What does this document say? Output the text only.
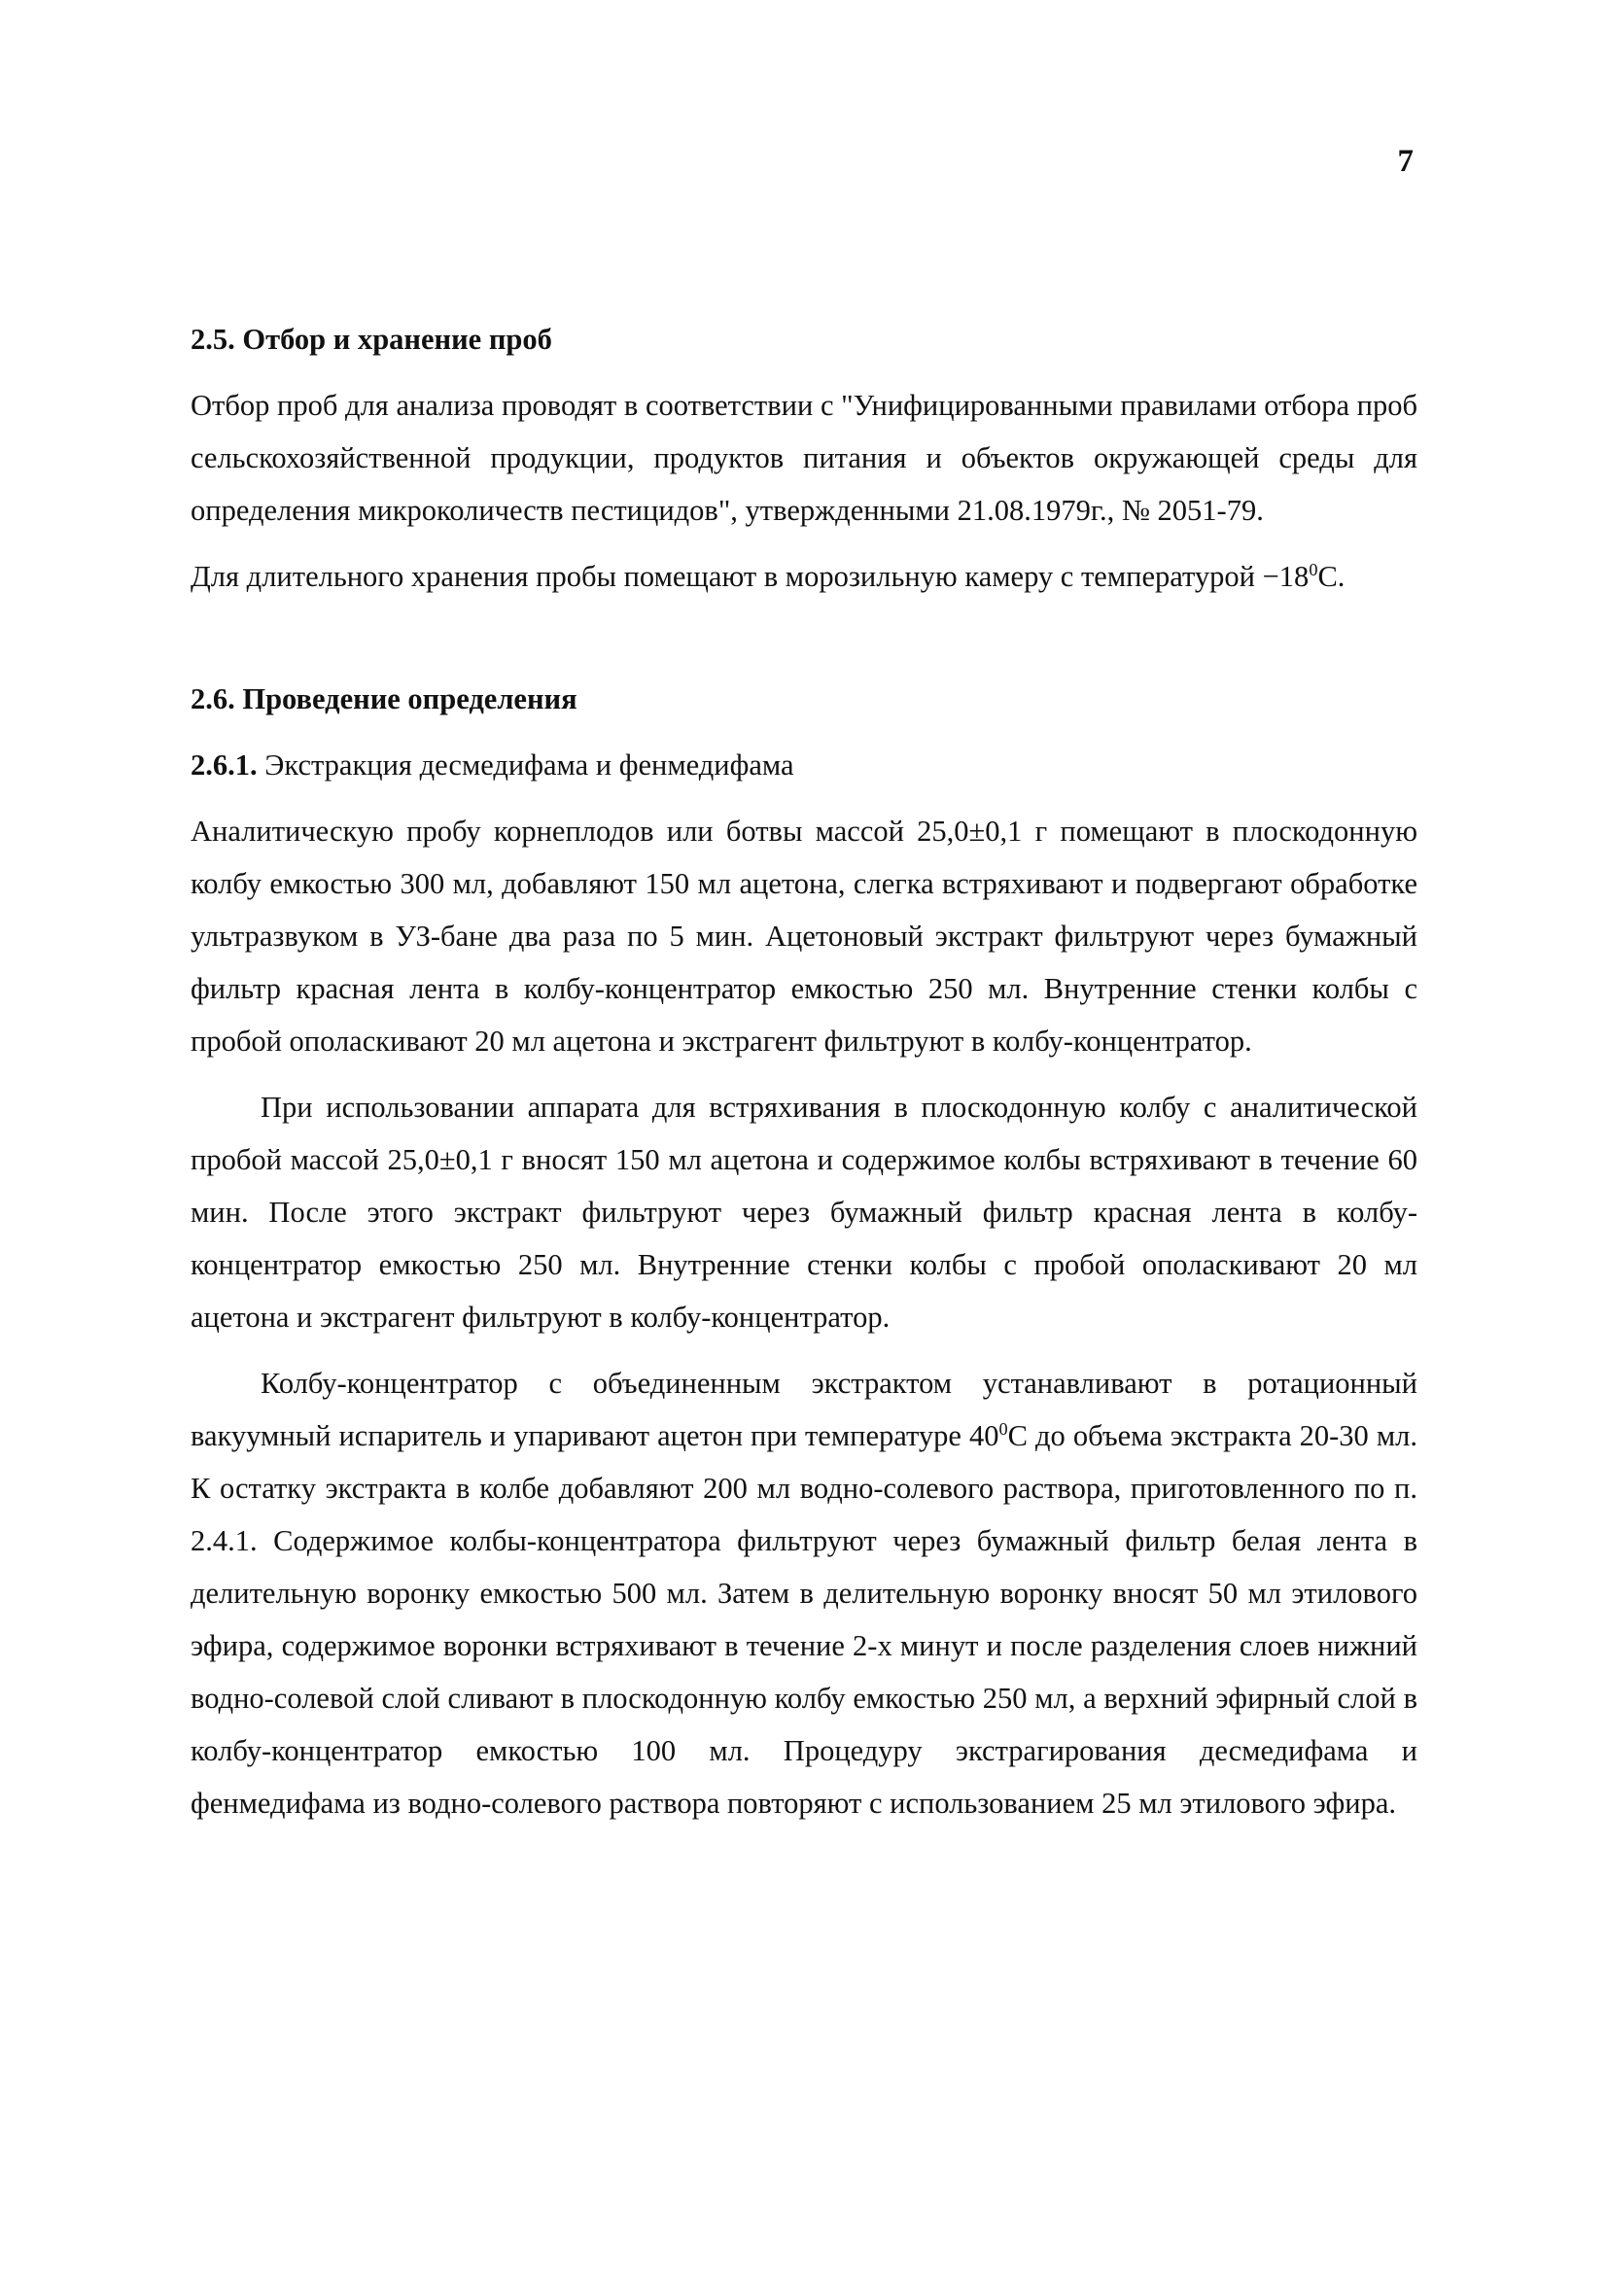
7
2.5. Отбор и хранение проб

Отбор проб для анализа проводят в соответствии с "Унифицированными правилами отбора проб сельскохозяйственной продукции, продуктов питания и объектов окружающей среды для определения микроколичеств пестицидов", утвержденными 21.08.1979г., № 2051-79.

Для длительного хранения пробы помещают в морозильную камеру с температурой $-18^0С$.

2.6. Проведение определения
2.6.1. Экстракция десмедифама и фенмедифама

Аналитическую пробу корнеплодов или ботвы массой 25,0±0,1 г помещают в плоскодонную колбу емкостью 300 мл, добавляют 150 мл ацетона, слегка встряхивают и подвергают обработке ультразвуком в УЗ-бане два раза по 5 мин. Ацетоновый экстракт фильтруют через бумажный фильтр красная лента в колбу-концентратор емкостью 250 мл. Внутренние стенки колбы с пробой ополаскивают 20 мл ацетона и экстрагент фильтруют в колбу-концентратор.

При использовании аппарата для встряхивания в плоскодонную колбу с аналитической пробой массой 25,0±0,1 г вносят 150 мл ацетона и содержимое колбы встряхивают в течение 60 мин. После этого экстракт фильтруют через бумажный фильтр красная лента в колбу-концентратор емкостью 250 мл. Внутренние стенки колбы с пробой ополаскивают 20 мл ацетона и экстрагент фильтруют в колбу-концентратор.

Колбу-концентратор с объединенным экстрактом устанавливают в ротационный вакуумный испаритель и упаривают ацетон при температуре $40^0С$ до объема экстракта 20-30 мл. К остатку экстракта в колбе добавляют 200 мл водно-солевого раствора, приготовленного по п. 2.4.1. Содержимое колбы-концентратора фильтруют через бумажный фильтр белая лента в делительную воронку емкостью 500 мл. Затем в делительную воронку вносят 50 мл этилового эфира, содержимое воронки встряхивают в течение 2-х минут и после разделения слоев нижний водно-солевой слой сливают в плоскодонную колбу емкостью 250 мл, а верхний эфирный слой в колбу-концентратор емкостью 100 мл. Процедуру экстрагирования десмедифама и фенмедифама из водно-солевого раствора повторяют с использованием 25 мл этилового эфира.
